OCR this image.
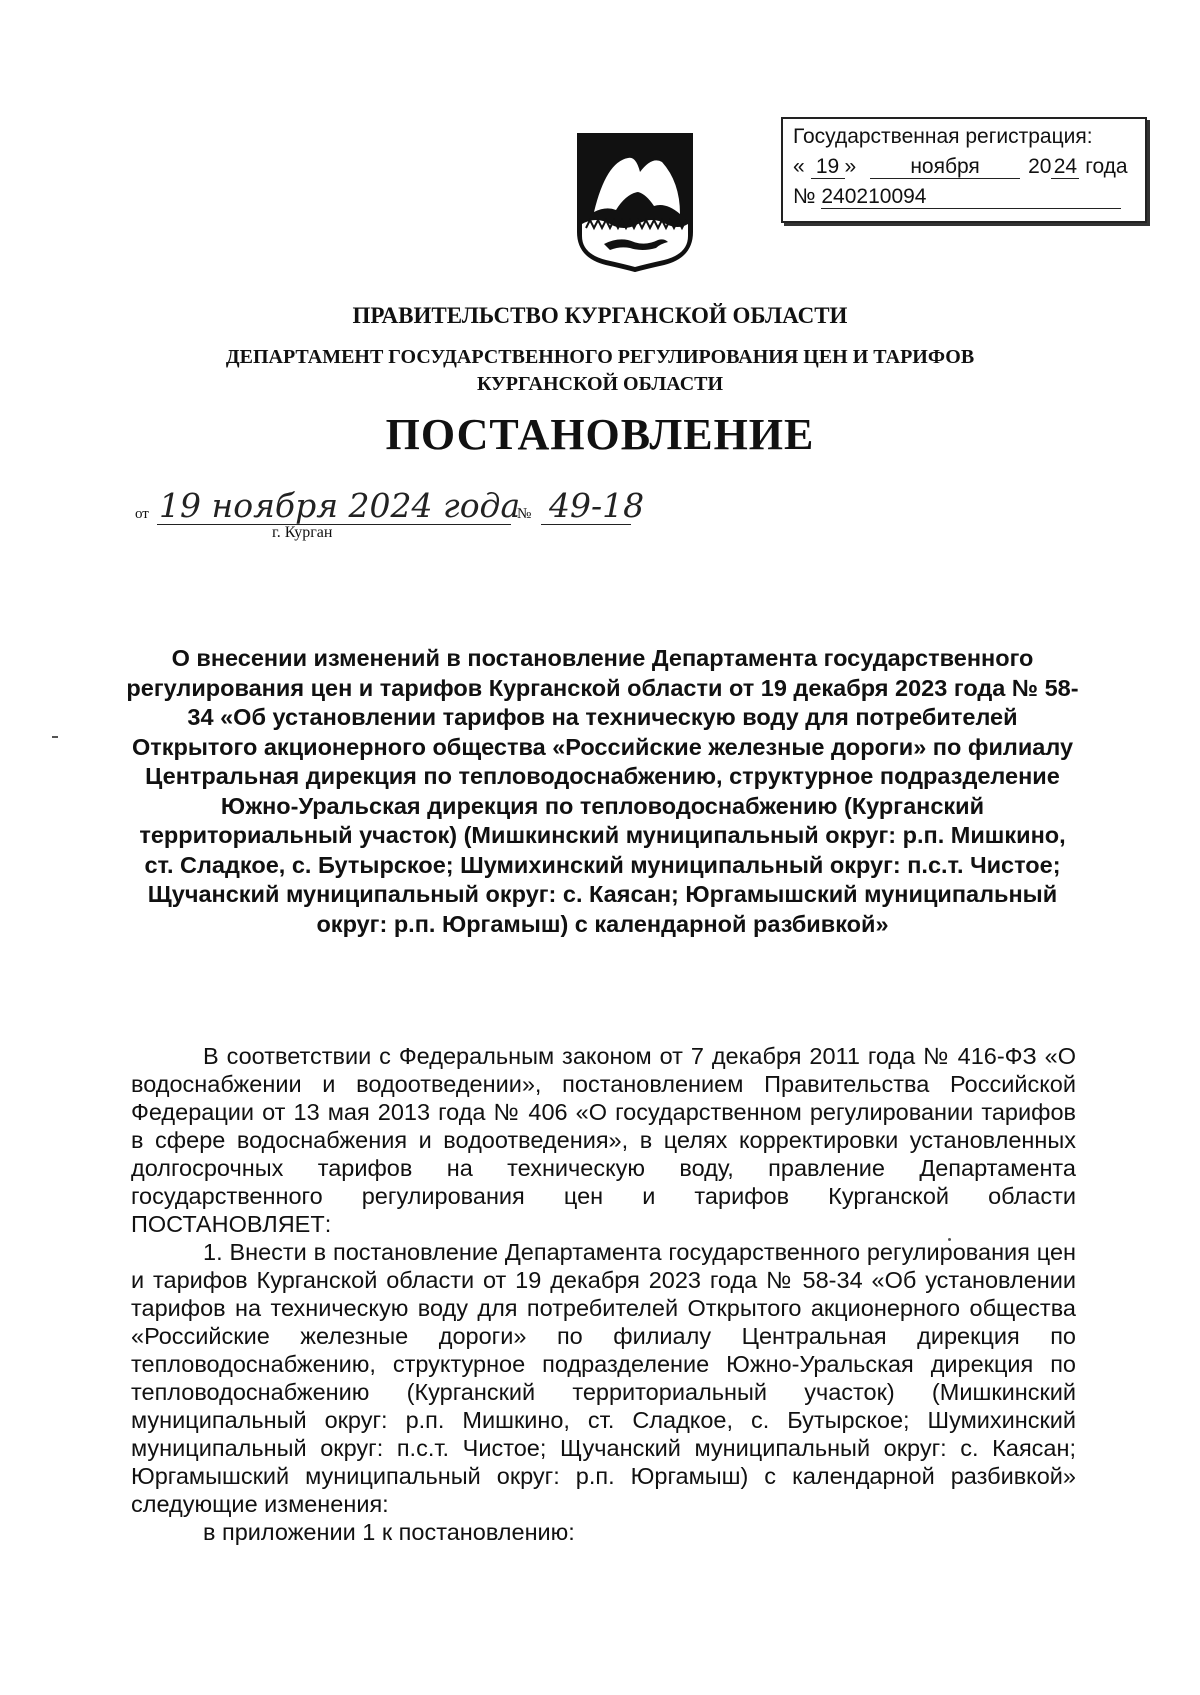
Государственная регистрация:
« 19 »	ноября 20 24 года
№ 240210094
ПРАВИТЕЛЬСТВО КУРГАНСКОЙ ОБЛАСТИ
ДЕПАРТАМЕНТ ГОСУДАРСТВЕННОГО РЕГУЛИРОВАНИЯ ЦЕН И ТАРИФОВ
КУРГАНСКОЙ ОБЛАСТИ
ПОСТАНОВЛЕНИЕ
от 19 ноября 2024 года
№ 49-18
г. Курган
О внесении изменений в постановление Департамента государственного регулирования цен и тарифов Курганской области от 19 декабря 2023 года № 58-34 «Об установлении тарифов на техническую воду для потребителей Открытого акционерного общества «Российские железные дороги» по филиалу Центральная дирекция по тепловодоснабжению, структурное подразделение Южно-Уральская дирекция по тепловодоснабжению (Курганский территориальный участок) (Мишкинский муниципальный округ: р.п. Мишкино, ст. Сладкое, с. Бутырское; Шумихинский муниципальный округ: п.с.т. Чистое; Щучанский муниципальный округ: с. Каясан; Юргамышский муниципальный округ: р.п. Юргамыш) с календарной разбивкой»

В соответствии с Федеральным законом от 7 декабря 2011 года № 416-ФЗ «О водоснабжении и водоотведении», постановлением Правительства Российской Федерации от 13 мая 2013 года № 406 «О государственном регулировании тарифов в сфере водоснабжения и водоотведения», в целях корректировки установленных долгосрочных тарифов на техническую воду, правление Департамента государственного регулирования цен и тарифов Курганской области ПОСТАНОВЛЯЕТ:

1. Внести в постановление Департамента государственного регулирования цен и тарифов Курганской области от 19 декабря 2023 года № 58-34 «Об установлении тарифов на техническую воду для потребителей Открытого акционерного общества «Российские железные дороги» по филиалу Центральная дирекция по тепловодоснабжению, структурное подразделение Южно-Уральская дирекция по тепловодоснабжению (Курганский территориальный участок) (Мишкинский муниципальный округ: р.п. Мишкино, ст. Сладкое, с. Бутырское; Шумихинский муниципальный округ: п.с.т. Чистое; Щучанский муниципальный округ: с. Каясан; Юргамышский муниципальный округ: р.п. Юргамыш) с календарной разбивкой» следующие изменения:

в приложении 1 к постановлению:
